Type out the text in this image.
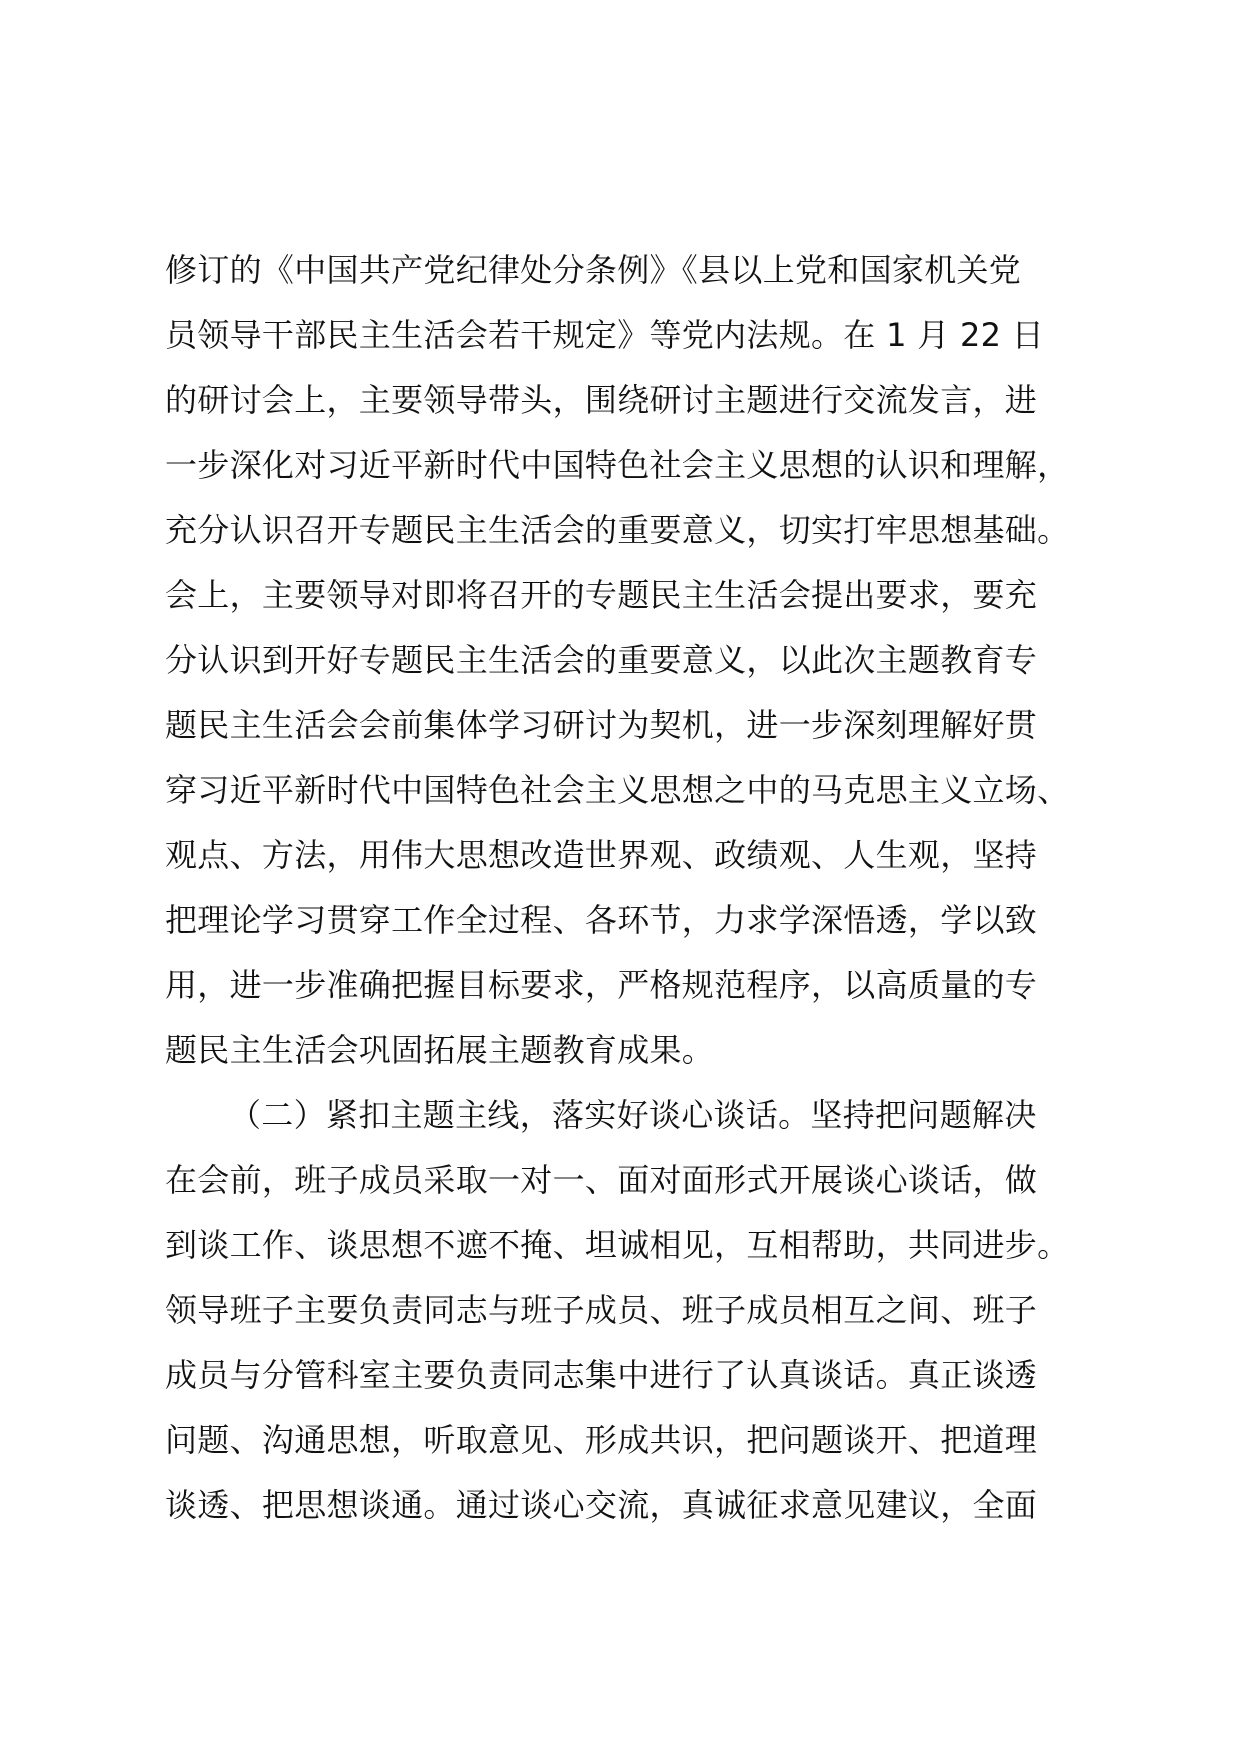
修订的《中国共产党纪律处分条例》《县以上党和国家机关党
员领导干部民主生活会若干规定》等党内法规。在 1 月 22 日
的研讨会上，主要领导带头，围绕研讨主题进行交流发言，进
一步深化对习近平新时代中国特色社会主义思想的认识和理解，
充分认识召开专题民主生活会的重要意义，切实打牢思想基础。
会上，主要领导对即将召开的专题民主生活会提出要求，要充
分认识到开好专题民主生活会的重要意义，以此次主题教育专
题民主生活会会前集体学习研讨为契机，进一步深刻理解好贯
穿习近平新时代中国特色社会主义思想之中的马克思主义立场、
观点、方法，用伟大思想改造世界观、政绩观、人生观，坚持
把理论学习贯穿工作全过程、各环节，力求学深悟透，学以致
用，进一步准确把握目标要求，严格规范程序，以高质量的专
题民主生活会巩固拓展主题教育成果。
（二）紧扣主题主线，落实好谈心谈话。坚持把问题解决
在会前，班子成员采取一对一、面对面形式开展谈心谈话，做
到谈工作、谈思想不遮不掩、坦诚相见，互相帮助，共同进步。
领导班子主要负责同志与班子成员、班子成员相互之间、班子
成员与分管科室主要负责同志集中进行了认真谈话。真正谈透
问题、沟通思想，听取意见、形成共识，把问题谈开、把道理
谈透、把思想谈通。通过谈心交流，真诚征求意见建议，全面
